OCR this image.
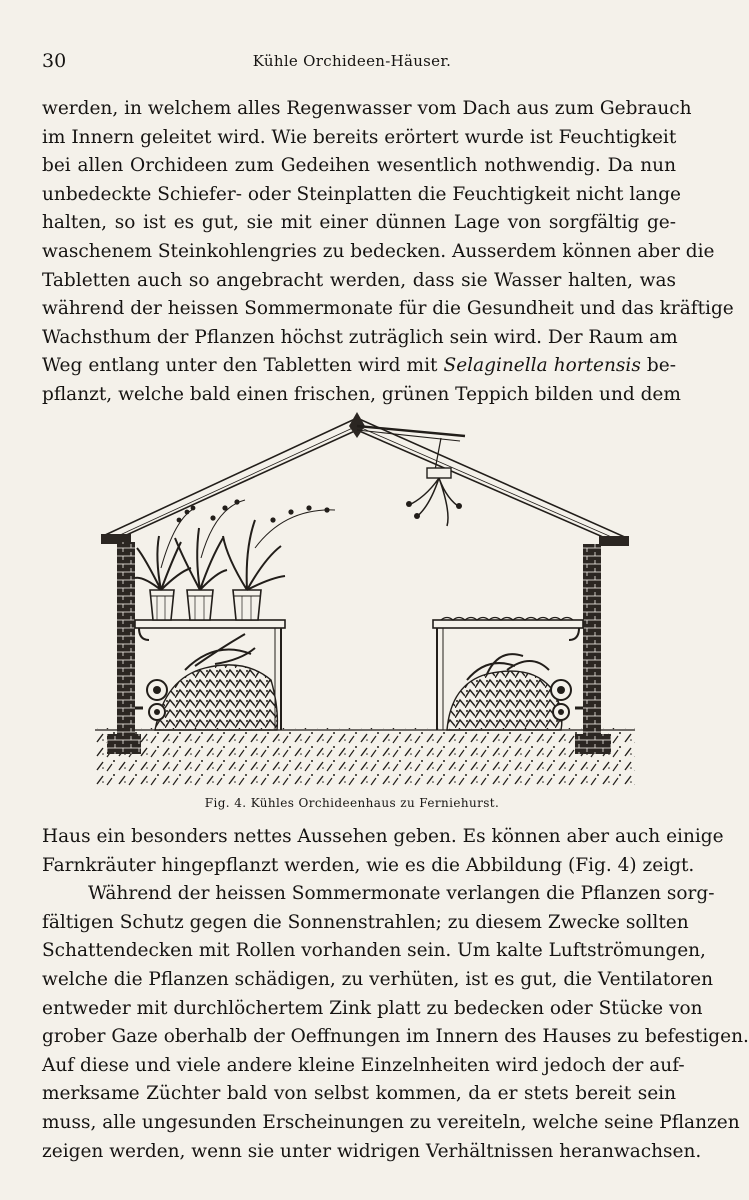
30	Kühle Orchideen-Häuser.
werden, in welchem alles Regenwasser vom Dach aus zum Gebrauch
im Innern geleitet wird. Wie bereits erörtert wurde ist Feuchtigkeit
bei allen Orchideen zum Gedeihen wesentlich nothwendig. Da nun
unbedeckte Schiefer- oder Steinplatten die Feuchtigkeit nicht lange
halten, so ist es gut, sie mit einer dünnen Lage von sorgfältig ge-
waschenem Steinkohlengries zu bedecken. Ausserdem können aber die
Tabletten auch so angebracht werden, dass sie Wasser halten, was
während der heissen Sommermonate für die Gesundheit und das kräftige
Wachsthum der Pflanzen höchst zuträglich sein wird. Der Raum am
Weg entlang unter den Tabletten wird mit Selaginella hortensis be-
pflanzt, welche bald einen frischen, grünen Teppich bilden und dem
Fig. 4. Kühles Orchideenhaus zu Ferniehurst.
Haus ein besonders nettes Aussehen geben. Es können aber auch einige
Farnkräuter hingepflanzt werden, wie es die Abbildung (Fig. 4) zeigt.
Während der heissen Sommermonate verlangen die Pflanzen sorg-
fältigen Schutz gegen die Sonnenstrahlen; zu diesem Zwecke sollten
Schattendecken mit Rollen vorhanden sein. Um kalte Luftströmungen,
welche die Pflanzen schädigen, zu verhüten, ist es gut, die Ventilatoren
entweder mit durchlöchertem Zink platt zu bedecken oder Stücke von
grober Gaze oberhalb der Oeffnungen im Innern des Hauses zu befestigen.
Auf diese und viele andere kleine Einzelnheiten wird jedoch der auf-
merksame Züchter bald von selbst kommen, da er stets bereit sein
muss, alle ungesunden Erscheinungen zu vereiteln, welche seine Pflanzen
zeigen werden, wenn sie unter widrigen Verhältnissen heranwachsen.
